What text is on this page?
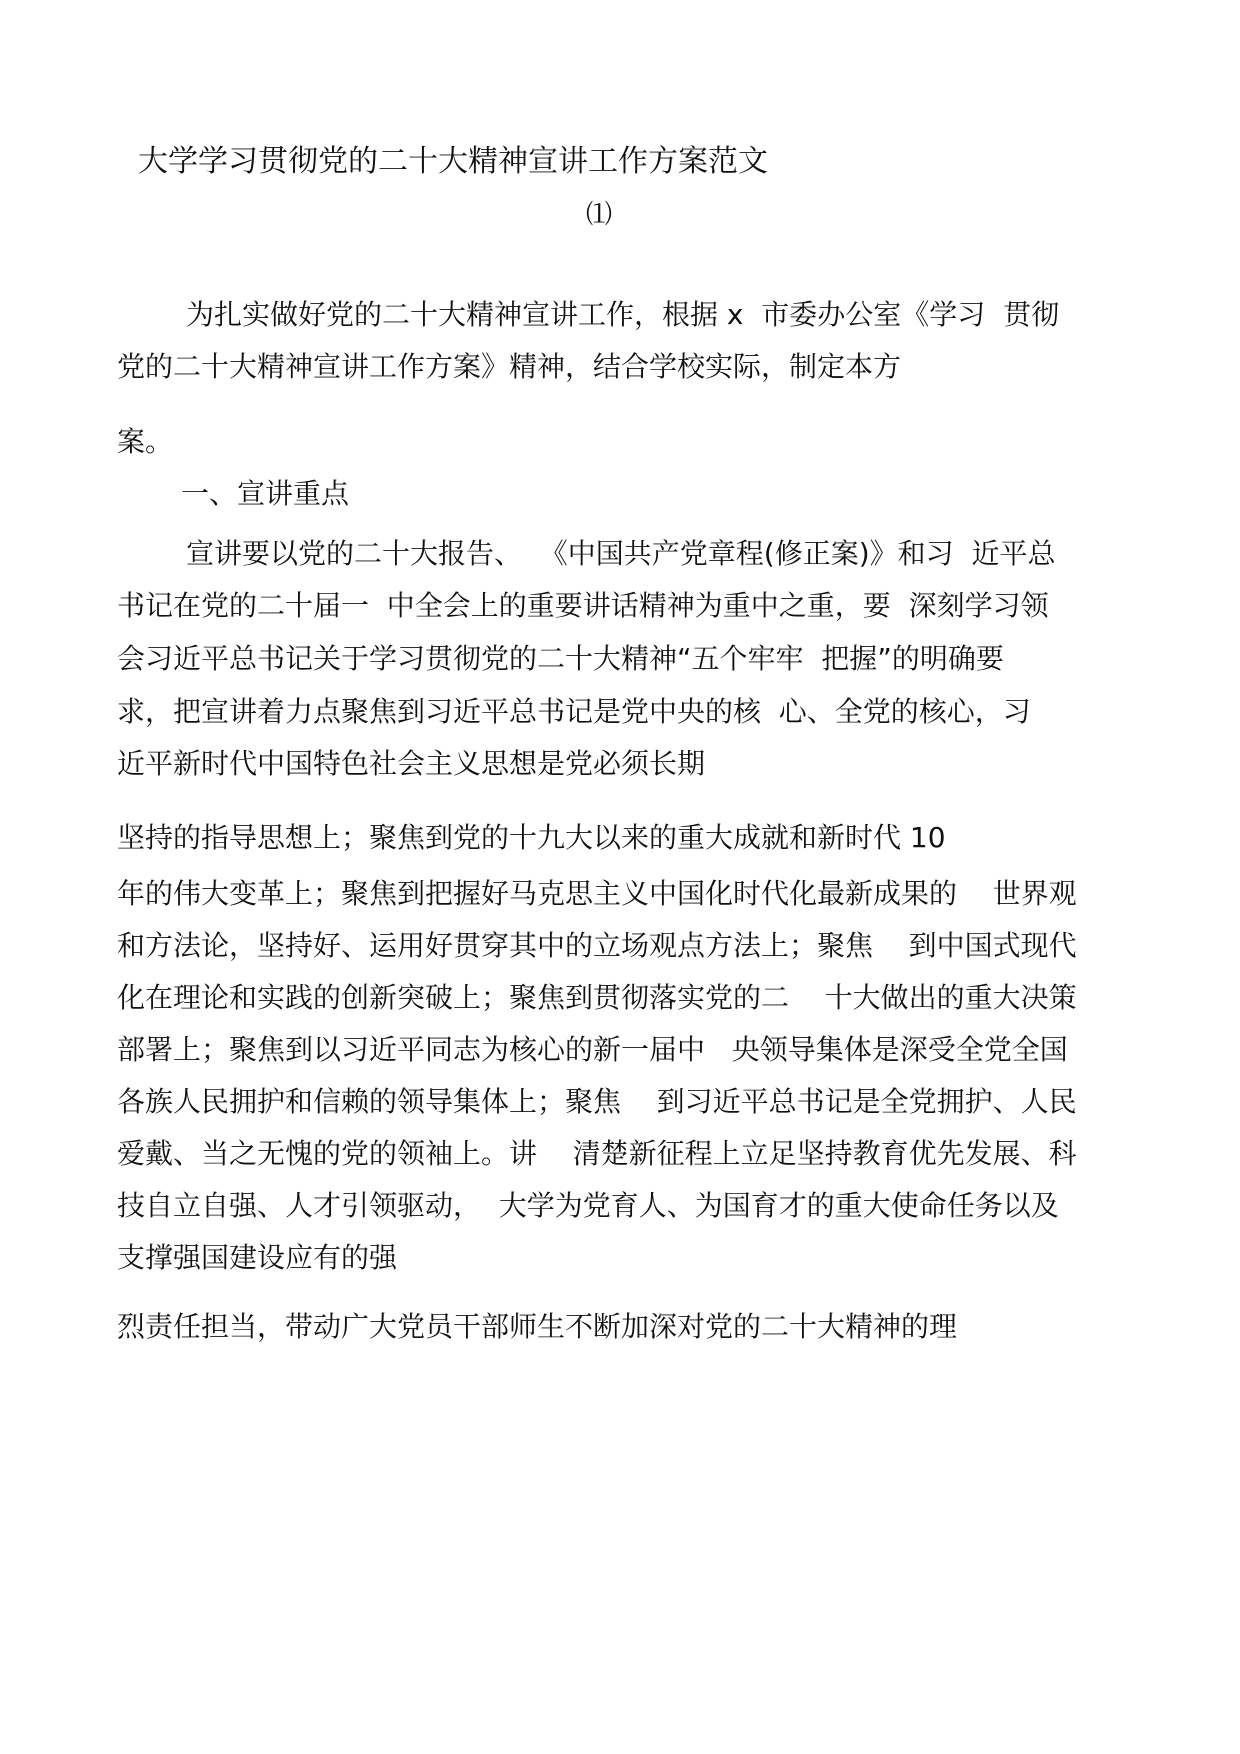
大学学习贯彻党的二十大精神宣讲工作方案范文
⑴
为扎实做好党的二十大精神宣讲工作，根据 x  市委办公室《学习  贯彻
党的二十大精神宣讲工作方案》精神，结合学校实际，制定本方
案。
一、宣讲重点
宣讲要以党的二十大报告、  《中国共产党章程(修正案)》和习  近平总
书记在党的二十届一  中全会上的重要讲话精神为重中之重，要  深刻学习领
会习近平总书记关于学习贯彻党的二十大精神“五个牢牢  把握”的明确要
求，把宣讲着力点聚焦到习近平总书记是党中央的核  心、全党的核心，习
近平新时代中国特色社会主义思想是党必须长期
坚持的指导思想上；聚焦到党的十九大以来的重大成就和新时代 10
年的伟大变革上；聚焦到把握好马克思主义中国化时代化最新成果的    世界观
和方法论，坚持好、运用好贯穿其中的立场观点方法上；聚焦    到中国式现代
化在理论和实践的创新突破上；聚焦到贯彻落实党的二    十大做出的重大决策
部署上；聚焦到以习近平同志为核心的新一届中   央领导集体是深受全党全国
各族人民拥护和信赖的领导集体上；聚焦    到习近平总书记是全党拥护、人民
爱戴、当之无愧的党的领袖上。讲    清楚新征程上立足坚持教育优先发展、科
技自立自强、人才引领驱动，  大学为党育人、为国育才的重大使命任务以及
支撑强国建设应有的强
烈责任担当，带动广大党员干部师生不断加深对党的二十大精神的理
